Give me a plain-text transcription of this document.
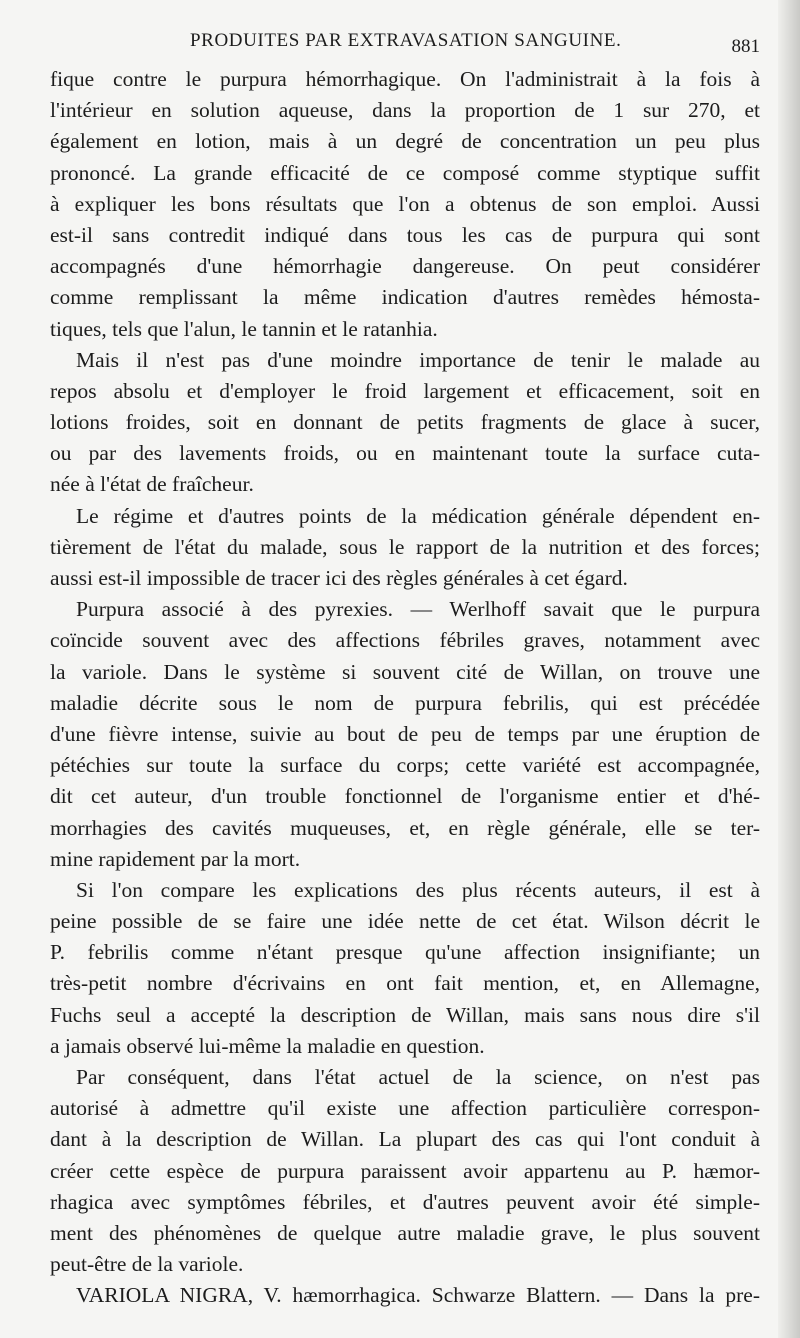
PRODUITES PAR EXTRAVASATION SANGUINE.	881
fique contre le purpura hémorrhagique. On l'administrait à la fois à
l'intérieur en solution aqueuse, dans la proportion de 1 sur 270, et
également en lotion, mais à un degré de concentration un peu plus
prononcé. La grande efficacité de ce composé comme styptique suffit
à expliquer les bons résultats que l'on a obtenus de son emploi. Aussi
est-il sans contredit indiqué dans tous les cas de purpura qui sont
accompagnés d'une hémorrhagie dangereuse. On peut considérer
comme remplissant la même indication d'autres remèdes hémosta-
tiques, tels que l'alun, le tannin et le ratanhia.
Mais il n'est pas d'une moindre importance de tenir le malade au
repos absolu et d'employer le froid largement et efficacement, soit en
lotions froides, soit en donnant de petits fragments de glace à sucer,
ou par des lavements froids, ou en maintenant toute la surface cuta-
née à l'état de fraîcheur.
Le régime et d'autres points de la médication générale dépendent en-
tièrement de l'état du malade, sous le rapport de la nutrition et des forces;
aussi est-il impossible de tracer ici des règles générales à cet égard.
Purpura associé à des pyrexies. — Werlhoff savait que le purpura
coïncide souvent avec des affections fébriles graves, notamment avec
la variole. Dans le système si souvent cité de Willan, on trouve une
maladie décrite sous le nom de purpura febrilis, qui est précédée
d'une fièvre intense, suivie au bout de peu de temps par une éruption de
pétéchies sur toute la surface du corps; cette variété est accompagnée,
dit cet auteur, d'un trouble fonctionnel de l'organisme entier et d'hé-
morrhagies des cavités muqueuses, et, en règle générale, elle se ter-
mine rapidement par la mort.
Si l'on compare les explications des plus récents auteurs, il est à
peine possible de se faire une idée nette de cet état. Wilson décrit le
P. febrilis comme n'étant presque qu'une affection insignifiante; un
très-petit nombre d'écrivains en ont fait mention, et, en Allemagne,
Fuchs seul a accepté la description de Willan, mais sans nous dire s'il
a jamais observé lui-même la maladie en question.
Par conséquent, dans l'état actuel de la science, on n'est pas
autorisé à admettre qu'il existe une affection particulière correspon-
dant à la description de Willan. La plupart des cas qui l'ont conduit à
créer cette espèce de purpura paraissent avoir appartenu au P. hæmor-
rhagica avec symptômes fébriles, et d'autres peuvent avoir été simple-
ment des phénomènes de quelque autre maladie grave, le plus souvent
peut-être de la variole.
VARIOLA NIGRA, V. hæmorrhagica. Schwarze Blattern. — Dans la pre-
